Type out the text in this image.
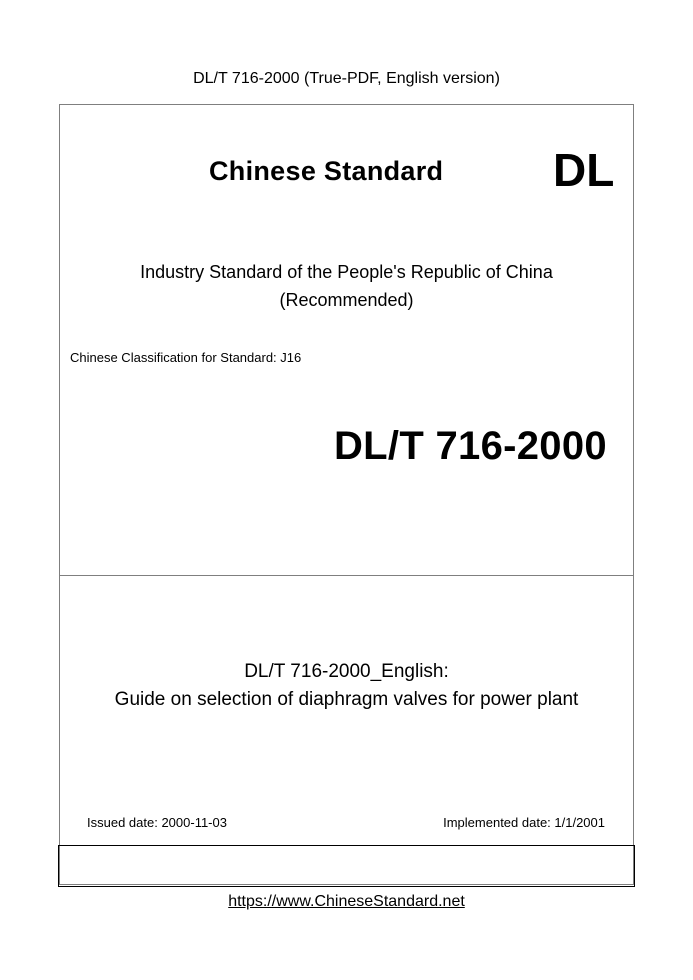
DL/T 716-2000 (True-PDF, English version)
Chinese Standard DL
Industry Standard of the People's Republic of China
(Recommended)
Chinese Classification for Standard: J16
DL/T 716-2000
DL/T 716-2000_English:
Guide on selection of diaphragm valves for power plant
Issued date: 2000-11-03	Implemented date: 1/1/2001
https://www.ChineseStandard.net
